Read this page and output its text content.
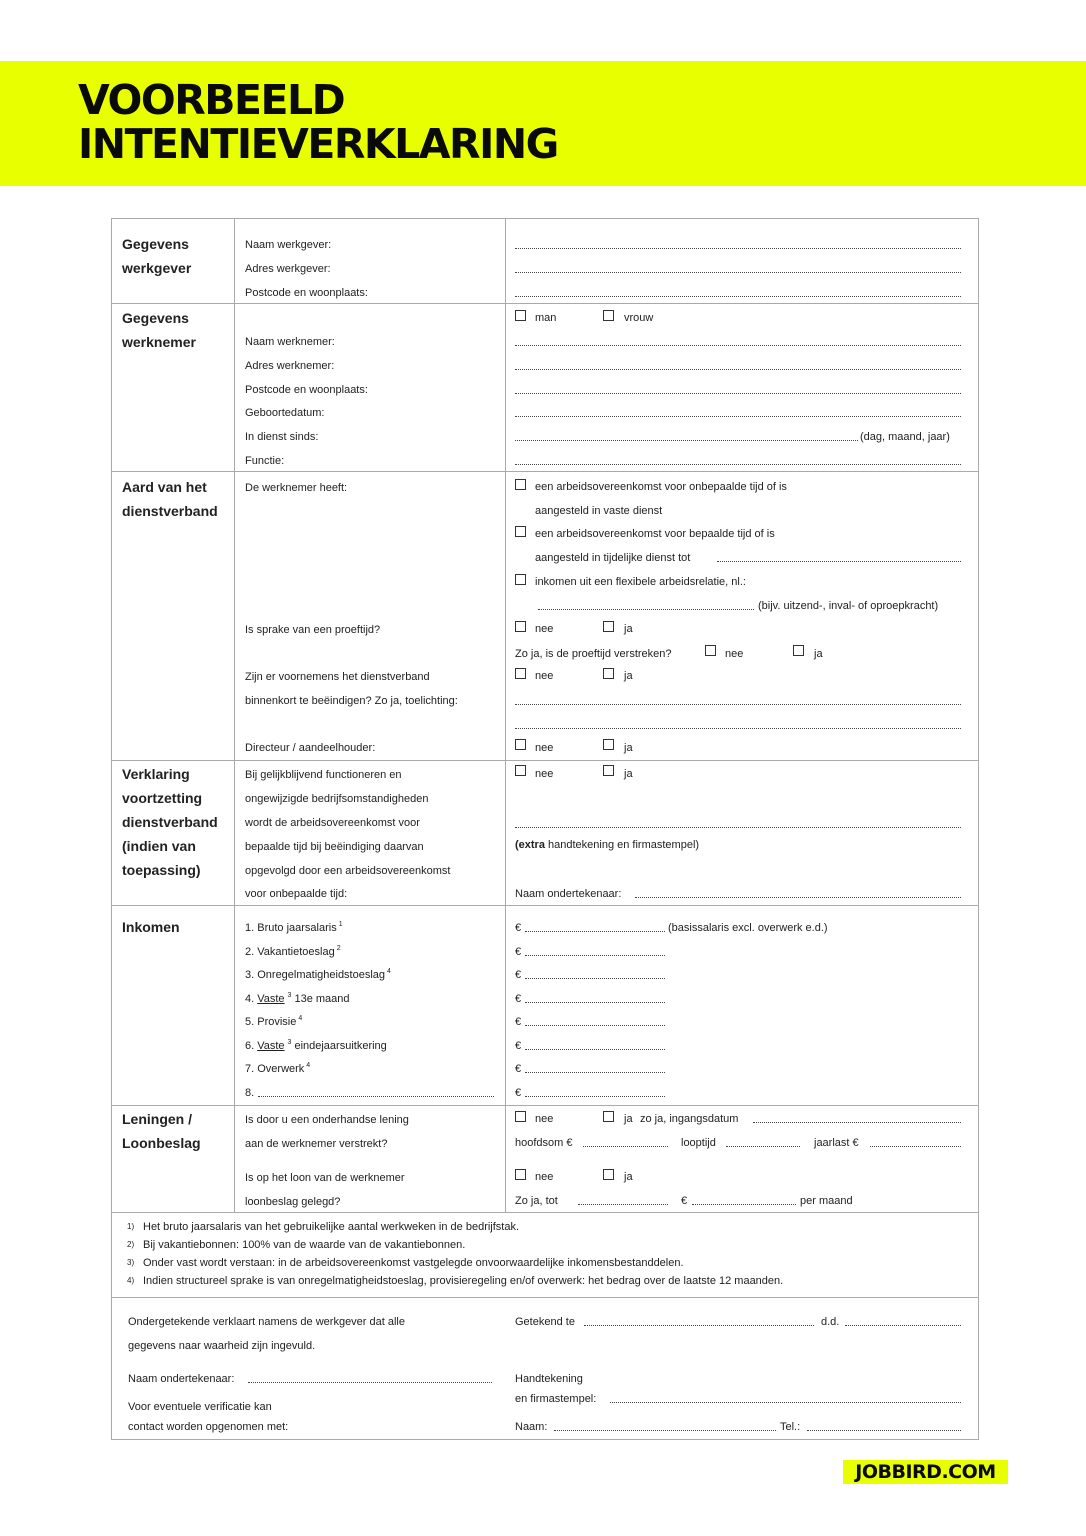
VOORBEELD
INTENTIEVERKLARING
Gegevens
werkgever
Naam werkgever:
Adres werkgever:
Postcode en woonplaats:
Gegevens
werknemer
man	vrouw
Naam werknemer:
Adres werknemer:
Postcode en woonplaats:
Geboortedatum:
In dienst sinds:	(dag, maand, jaar)
Functie:
Aard van het
dienstverband
De werknemer heeft:	een arbeidsovereenkomst voor onbepaalde tijd of is
aangesteld in vaste dienst
een arbeidsovereenkomst voor bepaalde tijd of is
aangesteld in tijdelijke dienst tot
inkomen uit een flexibele arbeidsrelatie, nl.:
(bijv. uitzend-, inval- of oproepkracht)
Is sprake van een proeftijd?	nee	ja
Zo ja, is de proeftijd verstreken?	nee	ja
Zijn er voornemens het dienstverband
binnenkort te beëindigen? Zo ja, toelichting:
nee	ja
Directeur / aandeelhouder:	nee	ja
Verklaring
voortzetting
dienstverband
(indien van
toepassing)
Bij gelijkblijvend functioneren en
ongewijzigde bedrijfsomstandigheden
wordt de arbeidsovereenkomst voor
bepaalde tijd bij beëindiging daarvan
opgevolgd door een arbeidsovereenkomst
voor onbepaalde tijd:
nee	ja
(extra handtekening en firmastempel)
Naam ondertekenaar:
Inkomen	1. Bruto jaarsalaris $^1$	€
2. Vakantietoeslag $^2$	€
3. Onregelmatigheidstoeslag $^4$	€
4. Vaste $^3$ 13e maand	€
5. Provisie $^4$	€
6. Vaste $^3$ eindejaarsuitkering	€
7. Overwerk $^4$	€
8.	€
(basissalaris excl. overwerk e.d.)
Leningen /
Loonbeslag
Is door u een onderhandse lening
aan de werknemer verstrekt?
nee	ja zo ja, ingangsdatum
hoofdsom €	looptijd	jaarlast €
Is op het loon van de werknemer
loonbeslag gelegd?
nee	ja
Zo ja, tot	€	per maand
1) Het bruto jaarsalaris van het gebruikelijke aantal werkweken in de bedrijfstak.
2) Bij vakantiebonnen: 100% van de waarde van de vakantiebonnen.
3) Onder vast wordt verstaan: in de arbeidsovereenkomst vastgelegde onvoorwaardelijke inkomensbestanddelen.
4) Indien structureel sprake is van onregelmatigheidstoeslag, provisieregeling en/of overwerk: het bedrag over de laatste 12 maanden.
Ondergetekende verklaart namens de werkgever dat alle
gegevens naar waarheid zijn ingevuld.
Naam ondertekenaar:
Voor eventuele verificatie kan
contact worden opgenomen met:
Getekend te	d.d.
Handtekening
en firmastempel:
Naam:	Tel.:
JOBBIRD.COM
